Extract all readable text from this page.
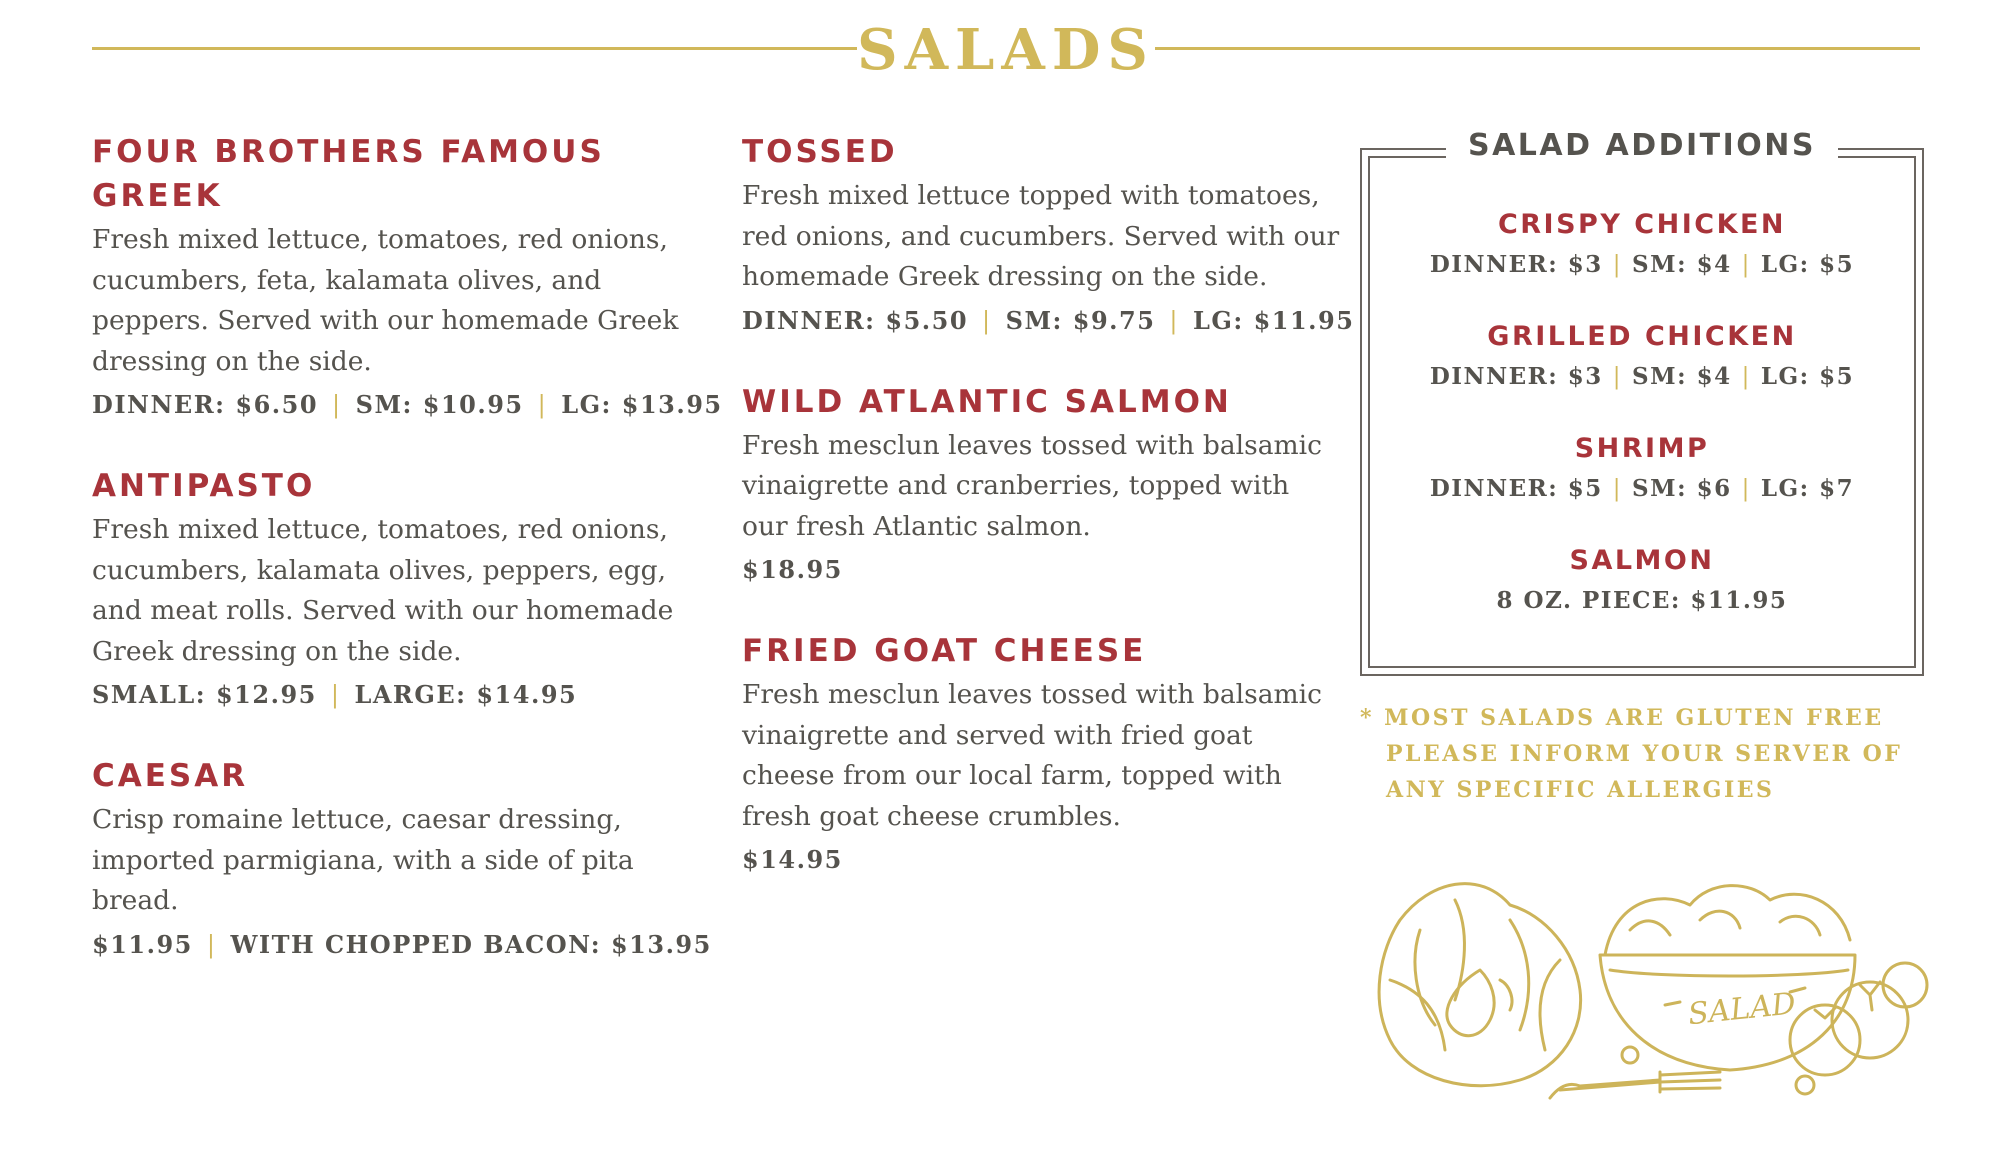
SALADS
FOUR BROTHERS FAMOUS GREEK

Fresh mixed lettuce, tomatoes, red onions, cucumbers, feta, kalamata olives, and peppers. Served with our homemade Greek dressing on the side.

DINNER: $6.50 | SM: $10.95 | LG: $13.95
ANTIPASTO

Fresh mixed lettuce, tomatoes, red onions, cucumbers, kalamata olives, peppers, egg, and meat rolls. Served with our homemade Greek dressing on the side.

SMALL: $12.95 | LARGE: $14.95
CAESAR

Crisp romaine lettuce, caesar dressing, imported parmigiana, with a side of pita bread.

$11.95 | WITH CHOPPED BACON: $13.95
TOSSED

Fresh mixed lettuce topped with tomatoes, red onions, and cucumbers. Served with our homemade Greek dressing on the side.

DINNER: $5.50 | SM: $9.75 | LG: $11.95
WILD ATLANTIC SALMON

Fresh mesclun leaves tossed with balsamic vinaigrette and cranberries, topped with our fresh Atlantic salmon.

$18.95
FRIED GOAT CHEESE

Fresh mesclun leaves tossed with balsamic vinaigrette and served with fried goat cheese from our local farm, topped with fresh goat cheese crumbles.

$14.95
SALAD ADDITIONS
CRISPY CHICKEN
DINNER: $3 | SM: $4 | LG: $5
GRILLED CHICKEN
DINNER: $3 | SM: $4 | LG: $5
SHRIMP
DINNER: $5 | SM: $6 | LG: $7
SALMON
8 OZ. PIECE: $11.95
* MOST SALADS ARE GLUTEN FREE
PLEASE INFORM YOUR SERVER OF
ANY SPECIFIC ALLERGIES
SALAD
